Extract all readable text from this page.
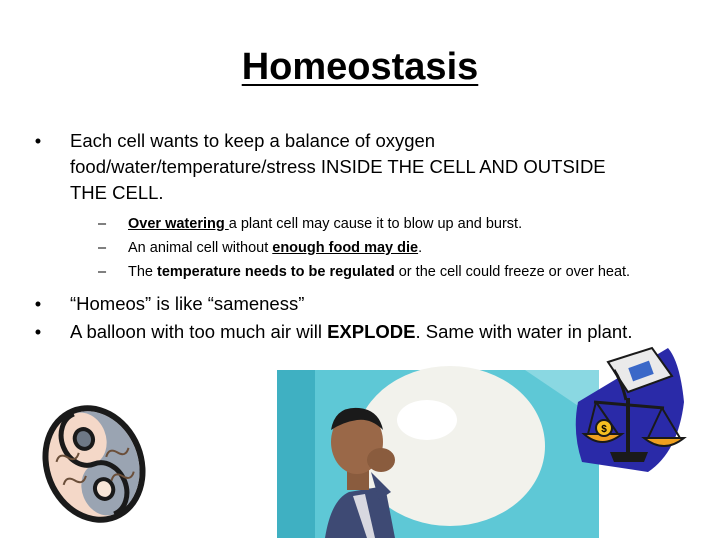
Homeostasis
•	Each cell wants to keep a balance of oxygen
food/water/temperature/stress INSIDE THE CELL AND OUTSIDE
THE CELL.
– Over watering a plant cell may cause it to blow up and burst.
– An animal cell without enough food may die.
– The temperature needs to be regulated or the cell could freeze or over heat.
•	“Homeos” is like “sameness”
•	A balloon with too much air will EXPLODE. Same with water in plant.
$
